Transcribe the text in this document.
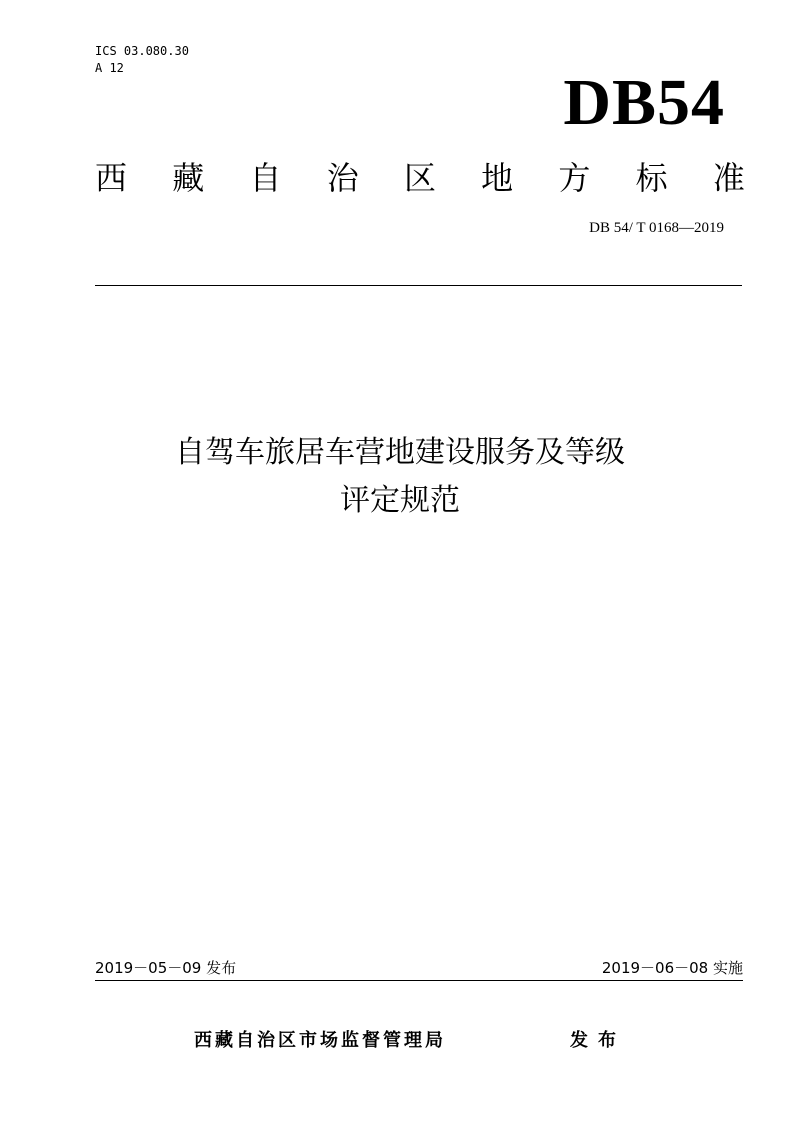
ICS 03.080.30
A 12	DB54
西 藏 自 治 区 地 方 标 准
DB 54/ T 0168—2019
自驾车旅居车营地建设服务及等级
评定规范
2019－05－09 发布	2019－06－08 实施
西藏自治区市场监督管理局	发布
